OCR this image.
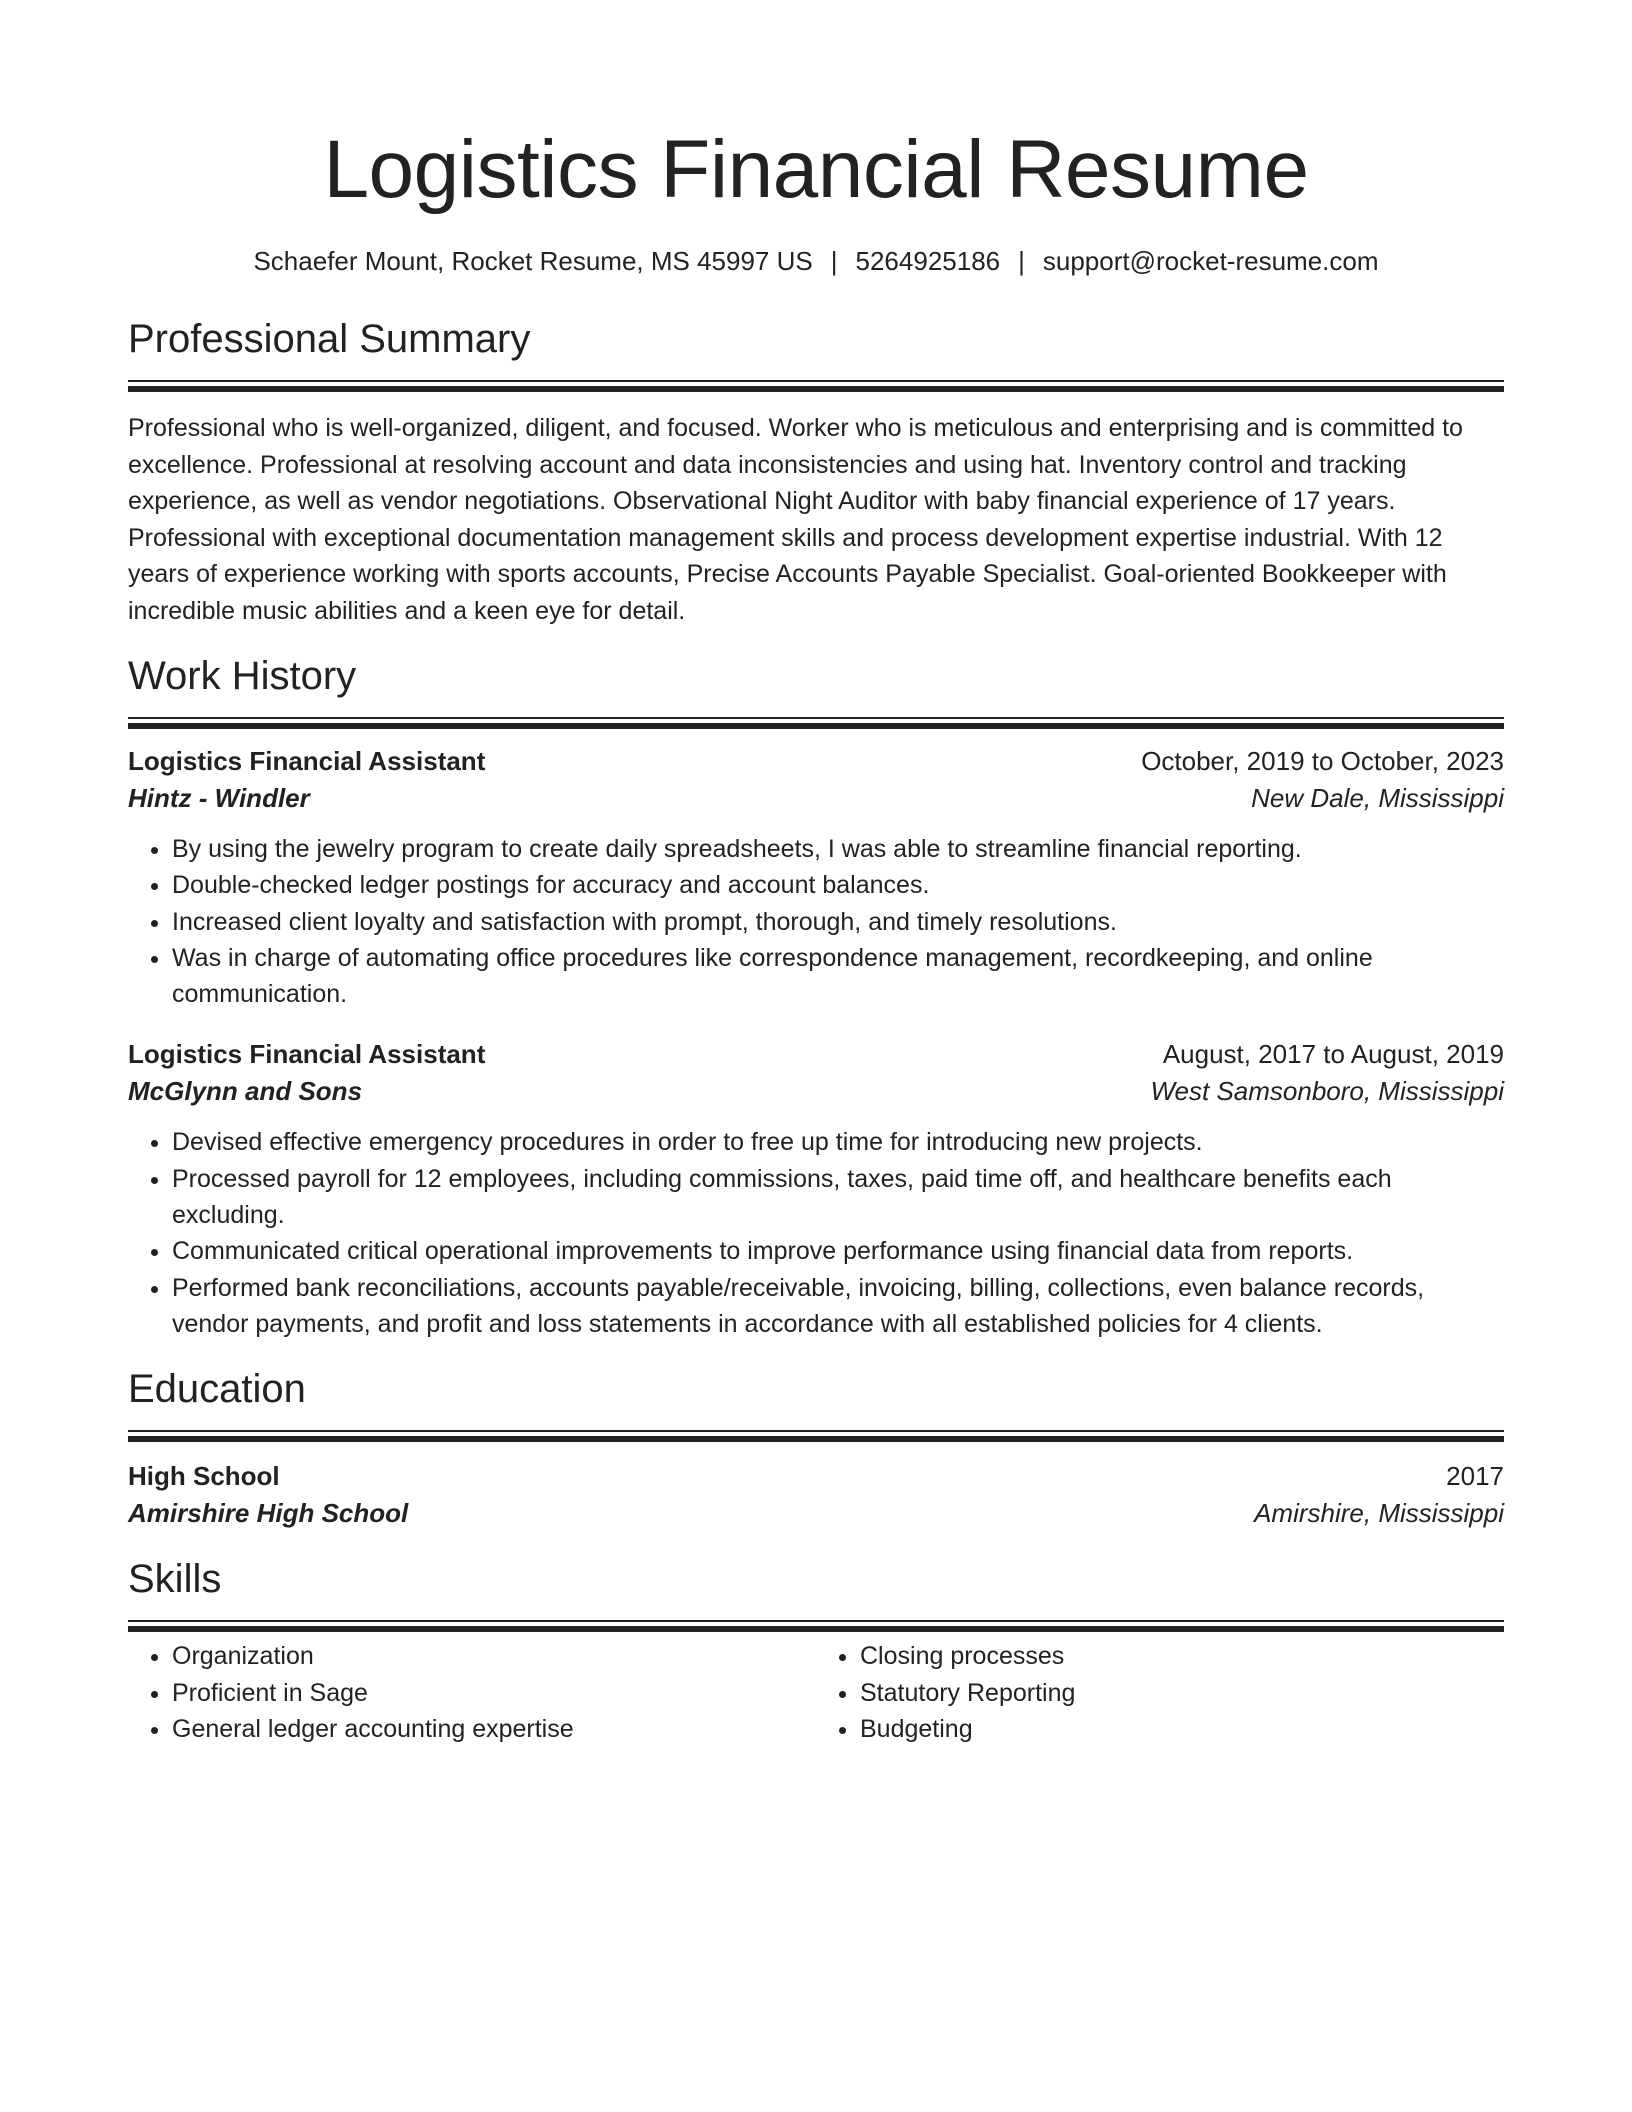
Logistics Financial Resume
Schaefer Mount, Rocket Resume, MS 45997 US | 5264925186 | support@rocket-resume.com
Professional Summary

Professional who is well-organized, diligent, and focused. Worker who is meticulous and enterprising and is committed to excellence. Professional at resolving account and data inconsistencies and using hat. Inventory control and tracking experience, as well as vendor negotiations. Observational Night Auditor with baby financial experience of 17 years. Professional with exceptional documentation management skills and process development expertise industrial. With 12 years of experience working with sports accounts, Precise Accounts Payable Specialist. Goal-oriented Bookkeeper with incredible music abilities and a keen eye for detail.

Work History
Logistics Financial Assistant	October, 2019 to October, 2023
Hintz - Windler	New Dale, Mississippi
• By using the jewelry program to create daily spreadsheets, I was able to streamline financial reporting.
• Double-checked ledger postings for accuracy and account balances.
• Increased client loyalty and satisfaction with prompt, thorough, and timely resolutions.
• Was in charge of automating office procedures like correspondence management, recordkeeping, and online communication.
Logistics Financial Assistant	August, 2017 to August, 2019
McGlynn and Sons	West Samsonboro, Mississippi
• Devised effective emergency procedures in order to free up time for introducing new projects.
• Processed payroll for 12 employees, including commissions, taxes, paid time off, and healthcare benefits each excluding.
• Communicated critical operational improvements to improve performance using financial data from reports.
• Performed bank reconciliations, accounts payable/receivable, invoicing, billing, collections, even balance records, vendor payments, and profit and loss statements in accordance with all established policies for 4 clients.
Education
High School	2017
Amirshire High School	Amirshire, Mississippi
Skills
• Organization
• Proficient in Sage
• General ledger accounting expertise
• Closing processes
• Statutory Reporting
• Budgeting
